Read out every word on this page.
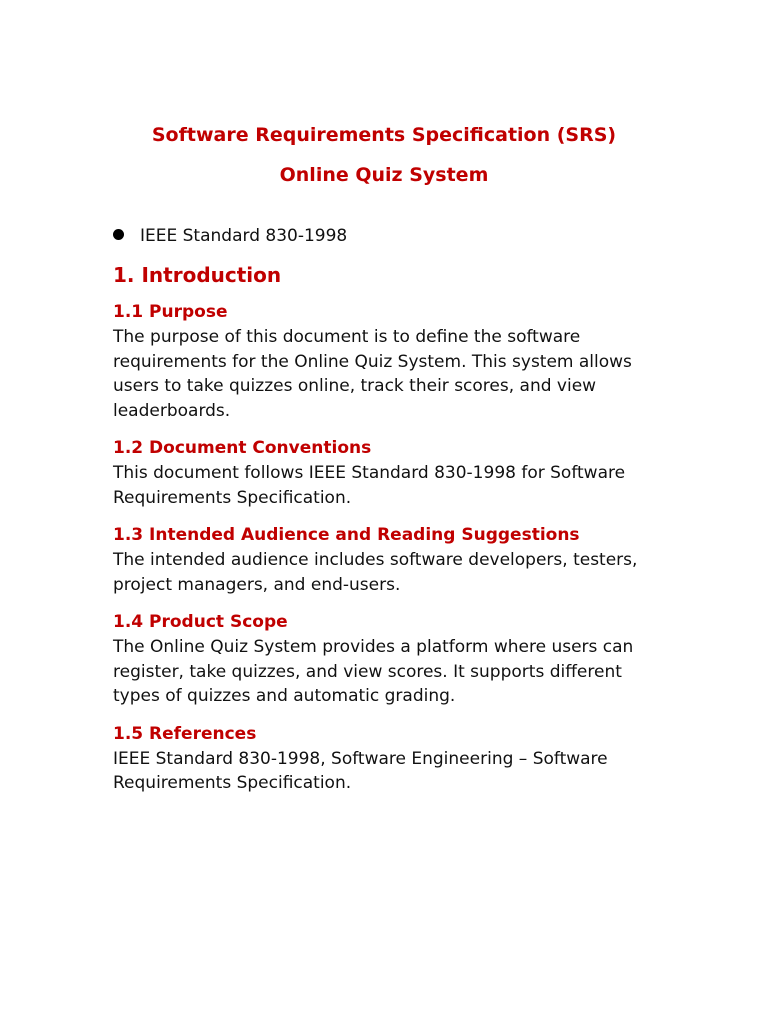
Software Requirements Specification (SRS)
Online Quiz System
IEEE Standard 830-1998
1. Introduction
1.1 Purpose

The purpose of this document is to define the software requirements for the Online Quiz System. This system allows users to take quizzes online, track their scores, and view leaderboards.

1.2 Document Conventions

This document follows IEEE Standard 830-1998 for Software Requirements Specification.

1.3 Intended Audience and Reading Suggestions

The intended audience includes software developers, testers, project managers, and end-users.

1.4 Product Scope

The Online Quiz System provides a platform where users can register, take quizzes, and view scores. It supports different types of quizzes and automatic grading.

1.5 References

IEEE Standard 830-1998, Software Engineering – Software Requirements Specification.
